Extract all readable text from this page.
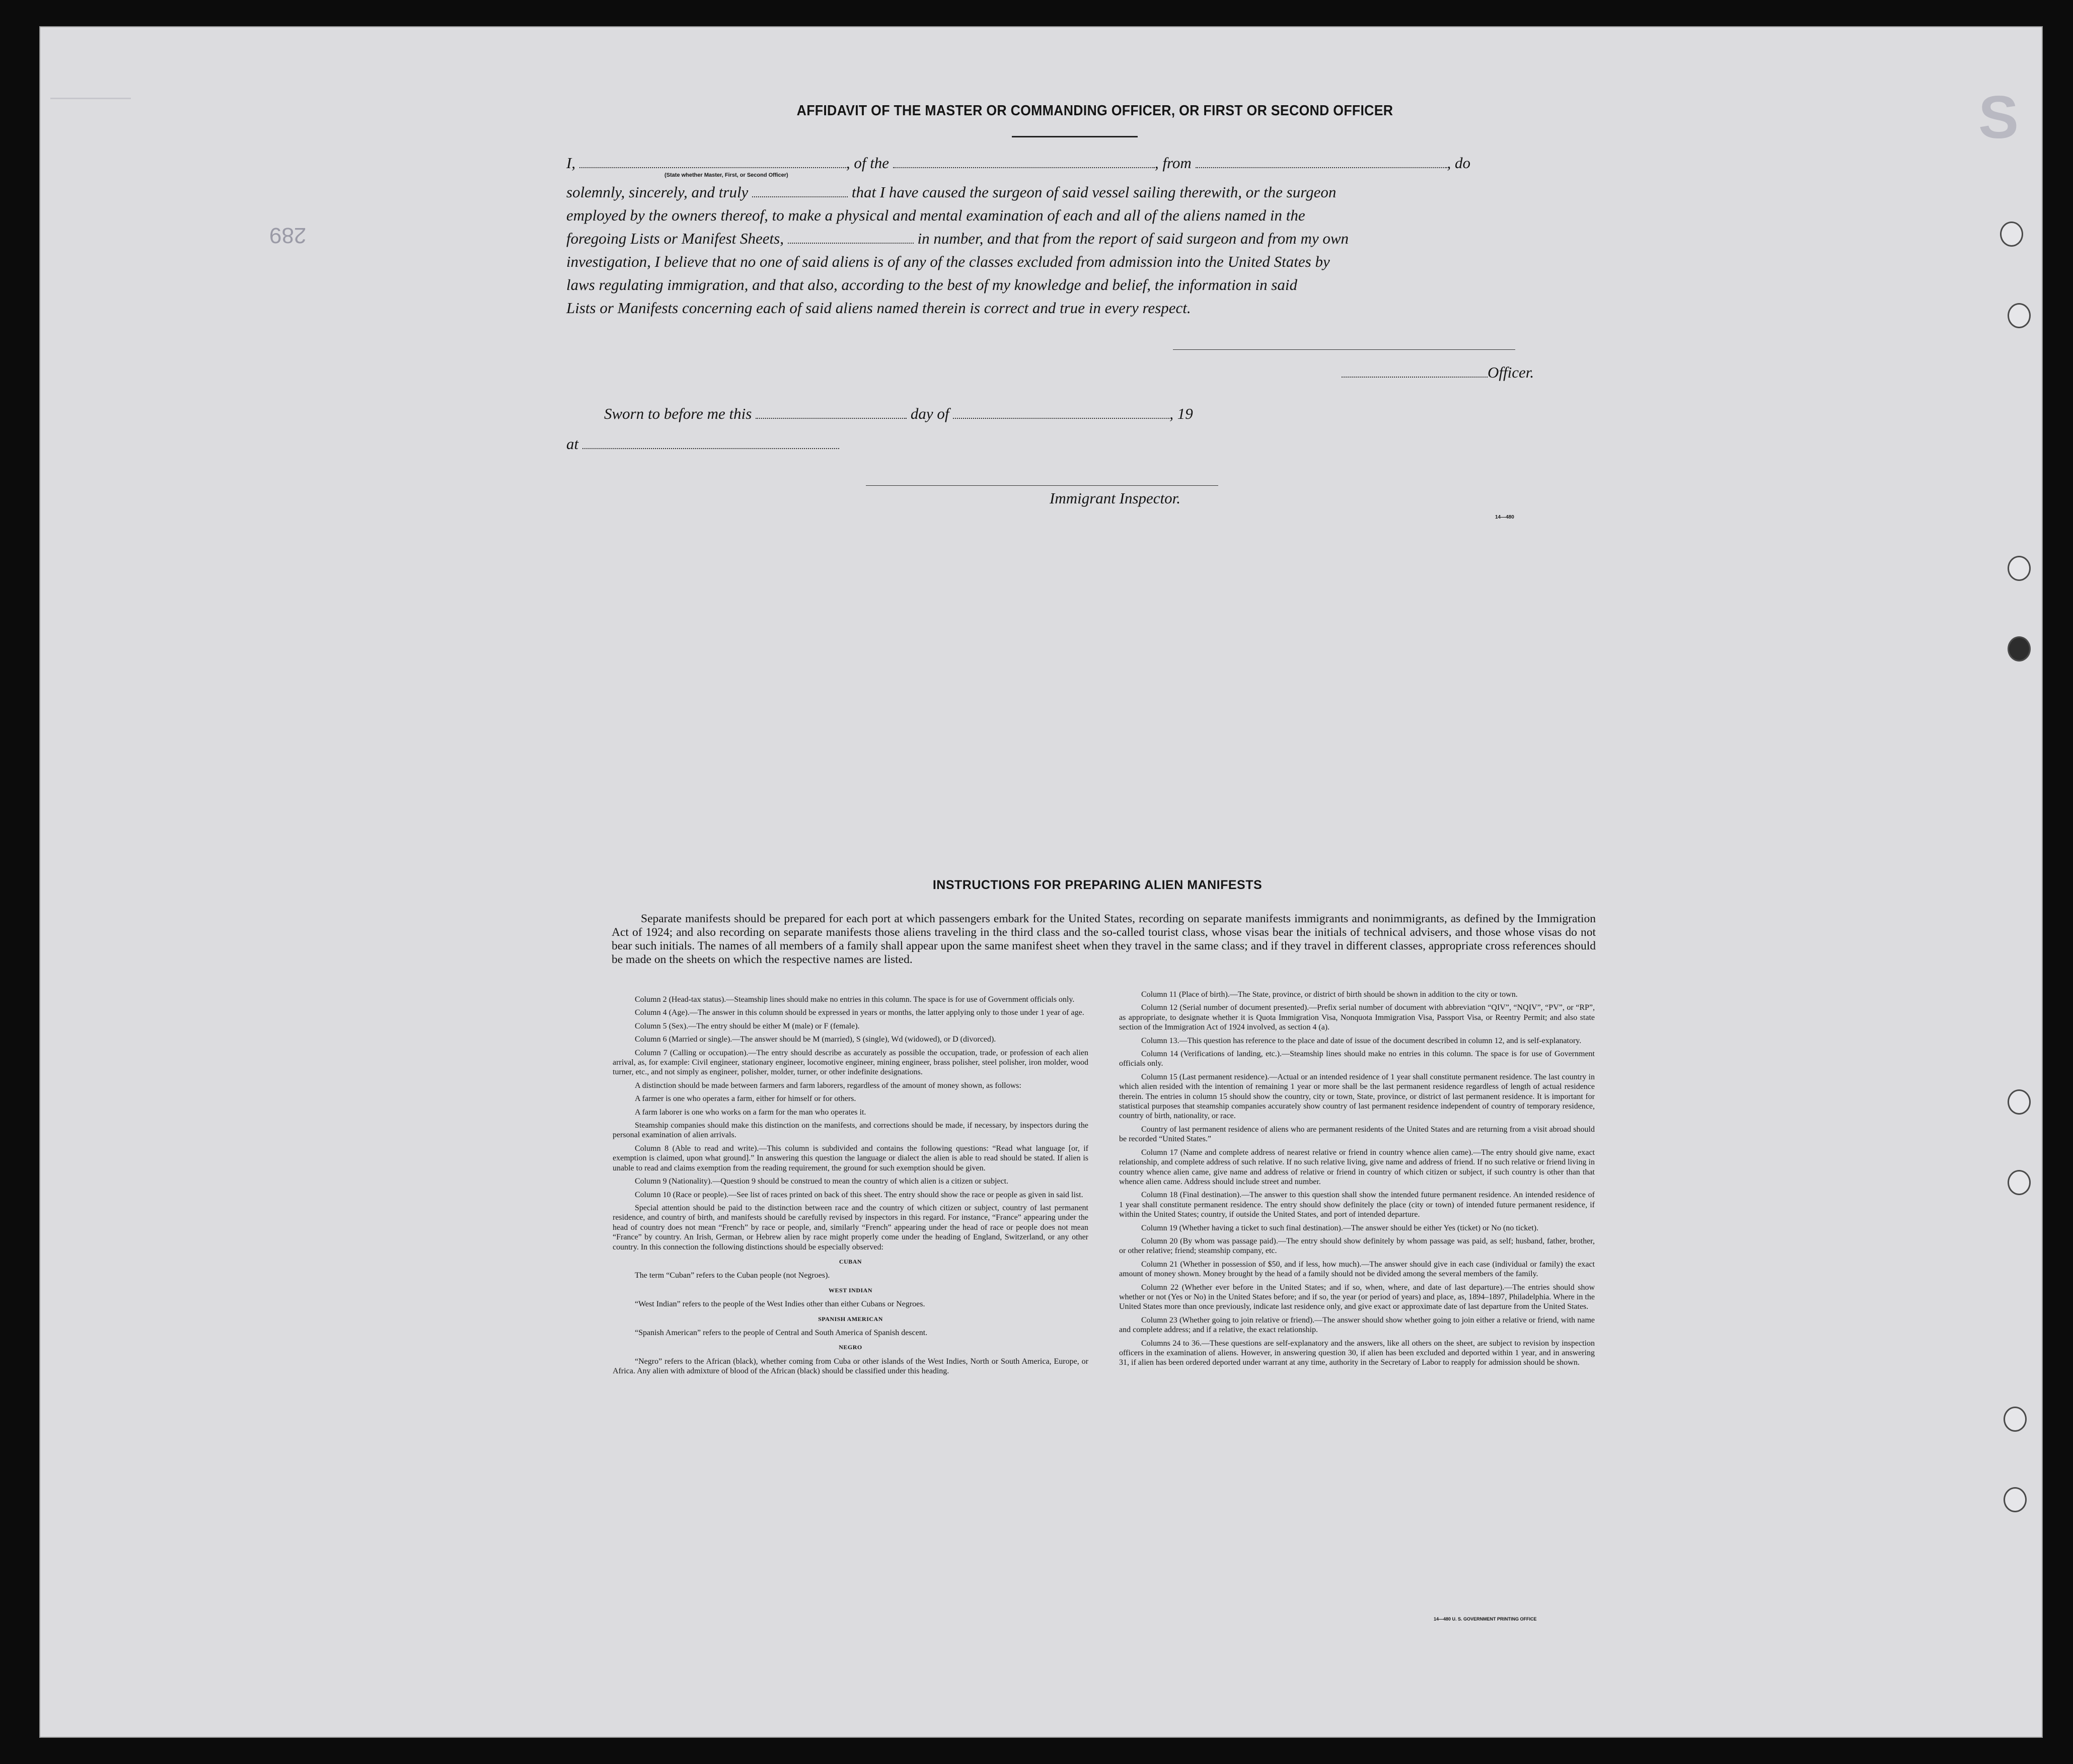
S
289
AFFIDAVIT OF THE MASTER OR COMMANDING OFFICER, OR FIRST OR SECOND OFFICER
I,	, of the	, from	, do
(State whether Master, First, or Second Officer)
solemnly, sincerely, and truly	that I have caused the surgeon of said vessel sailing therewith, or the surgeon
employed by the owners thereof, to make a physical and mental examination of each and all of the aliens named in the
foregoing Lists or Manifest Sheets,	in number, and that from the report of said surgeon and from my own
investigation, I believe that no one of said aliens is of any of the classes excluded from admission into the United States by
laws regulating immigration, and that also, according to the best of my knowledge and belief, the information in said
Lists or Manifests concerning each of said aliens named therein is correct and true in every respect.
Officer.
Sworn to before me this	day of	, 19
at
Immigrant Inspector.
14—480
INSTRUCTIONS FOR PREPARING ALIEN MANIFESTS
Separate manifests should be prepared for each port at which passengers embark for the United States, recording on separate manifests immigrants and nonimmigrants, as defined by the Immigration Act of 1924; and also recording on separate manifests those aliens traveling in the third class and the so-called tourist class, whose visas bear the initials of technical advisers, and those whose visas do not bear such initials. The names of all members of a family shall appear upon the same manifest sheet when they travel in the same class; and if they travel in different classes, appropriate cross references should be made on the sheets on which the respective names are listed.

Column 2 (Head-tax status).—Steamship lines should make no entries in this column. The space is for use of Government officials only.

Column 4 (Age).—The answer in this column should be expressed in years or months, the latter applying only to those under 1 year of age.

Column 5 (Sex).—The entry should be either M (male) or F (female).

Column 6 (Married or single).—The answer should be M (married), S (single), Wd (widowed), or D (divorced).

Column 7 (Calling or occupation).—The entry should describe as accurately as possible the occupation, trade, or profession of each alien arrival, as, for example: Civil engineer, stationary engineer, locomotive engineer, mining engineer, brass polisher, steel polisher, iron molder, wood turner, etc., and not simply as engineer, polisher, molder, turner, or other indefinite designations.

A distinction should be made between farmers and farm laborers, regardless of the amount of money shown, as follows:

A farmer is one who operates a farm, either for himself or for others.

A farm laborer is one who works on a farm for the man who operates it.

Steamship companies should make this distinction on the manifests, and corrections should be made, if necessary, by inspectors during the personal examination of alien arrivals.

Column 8 (Able to read and write).—This column is subdivided and contains the following questions: “Read what language [or, if exemption is claimed, upon what ground].” In answering this question the language or dialect the alien is able to read should be stated. If alien is unable to read and claims exemption from the reading requirement, the ground for such exemption should be given.

Column 9 (Nationality).—Question 9 should be construed to mean the country of which alien is a citizen or subject.

Column 10 (Race or people).—See list of races printed on back of this sheet. The entry should show the race or people as given in said list.

Special attention should be paid to the distinction between race and the country of which citizen or subject, country of last permanent residence, and country of birth, and manifests should be carefully revised by inspectors in this regard. For instance, “France” appearing under the head of country does not mean “French” by race or people, and, similarly “French” appearing under the head of race or people does not mean “France” by country. An Irish, German, or Hebrew alien by race might properly come under the heading of England, Switzerland, or any other country. In this connection the following distinctions should be especially observed:

CUBAN

The term “Cuban” refers to the Cuban people (not Negroes).

WEST INDIAN

“West Indian” refers to the people of the West Indies other than either Cubans or Negroes.

SPANISH AMERICAN

“Spanish American” refers to the people of Central and South America of Spanish descent.

NEGRO

“Negro” refers to the African (black), whether coming from Cuba or other islands of the West Indies, North or South America, Europe, or Africa. Any alien with admixture of blood of the African (black) should be classified under this heading.

Column 11 (Place of birth).—The State, province, or district of birth should be shown in addition to the city or town.

Column 12 (Serial number of document presented).—Prefix serial number of document with abbreviation “QIV”, “NQIV”, “PV”, or “RP”, as appropriate, to designate whether it is Quota Immigration Visa, Nonquota Immigration Visa, Passport Visa, or Reentry Permit; and also state section of the Immigration Act of 1924 involved, as section 4 (a).

Column 13.—This question has reference to the place and date of issue of the document described in column 12, and is self-explanatory.

Column 14 (Verifications of landing, etc.).—Steamship lines should make no entries in this column. The space is for use of Government officials only.

Column 15 (Last permanent residence).—Actual or an intended residence of 1 year shall constitute permanent residence. The last country in which alien resided with the intention of remaining 1 year or more shall be the last permanent residence regardless of length of actual residence therein. The entries in column 15 should show the country, city or town, State, province, or district of last permanent residence. It is important for statistical purposes that steamship companies accurately show country of last permanent residence independent of country of temporary residence, country of birth, nationality, or race.

Country of last permanent residence of aliens who are permanent residents of the United States and are returning from a visit abroad should be recorded “United States.”

Column 17 (Name and complete address of nearest relative or friend in country whence alien came).—The entry should give name, exact relationship, and complete address of such relative. If no such relative living, give name and address of friend. If no such relative or friend living in country whence alien came, give name and address of relative or friend in country of which citizen or subject, if such country is other than that whence alien came. Address should include street and number.

Column 18 (Final destination).—The answer to this question shall show the intended future permanent residence. An intended residence of 1 year shall constitute permanent residence. The entry should show definitely the place (city or town) of intended future permanent residence, if within the United States; country, if outside the United States, and port of intended departure.

Column 19 (Whether having a ticket to such final destination).—The answer should be either Yes (ticket) or No (no ticket).

Column 20 (By whom was passage paid).—The entry should show definitely by whom passage was paid, as self; husband, father, brother, or other relative; friend; steamship company, etc.

Column 21 (Whether in possession of $50, and if less, how much).—The answer should give in each case (individual or family) the exact amount of money shown. Money brought by the head of a family should not be divided among the several members of the family.

Column 22 (Whether ever before in the United States; and if so, when, where, and date of last departure).—The entries should show whether or not (Yes or No) in the United States before; and if so, the year (or period of years) and place, as, 1894–1897, Philadelphia. Where in the United States more than once previously, indicate last residence only, and give exact or approximate date of last departure from the United States.

Column 23 (Whether going to join relative or friend).—The answer should show whether going to join either a relative or friend, with name and complete address; and if a relative, the exact relationship.

Columns 24 to 36.—These questions are self-explanatory and the answers, like all others on the sheet, are subject to revision by inspection officers in the examination of aliens. However, in answering question 30, if alien has been excluded and deported within 1 year, and in answering 31, if alien has been ordered deported under warrant at any time, authority in the Secretary of Labor to reapply for admission should be shown.

14—480 U. S. GOVERNMENT PRINTING OFFICE
